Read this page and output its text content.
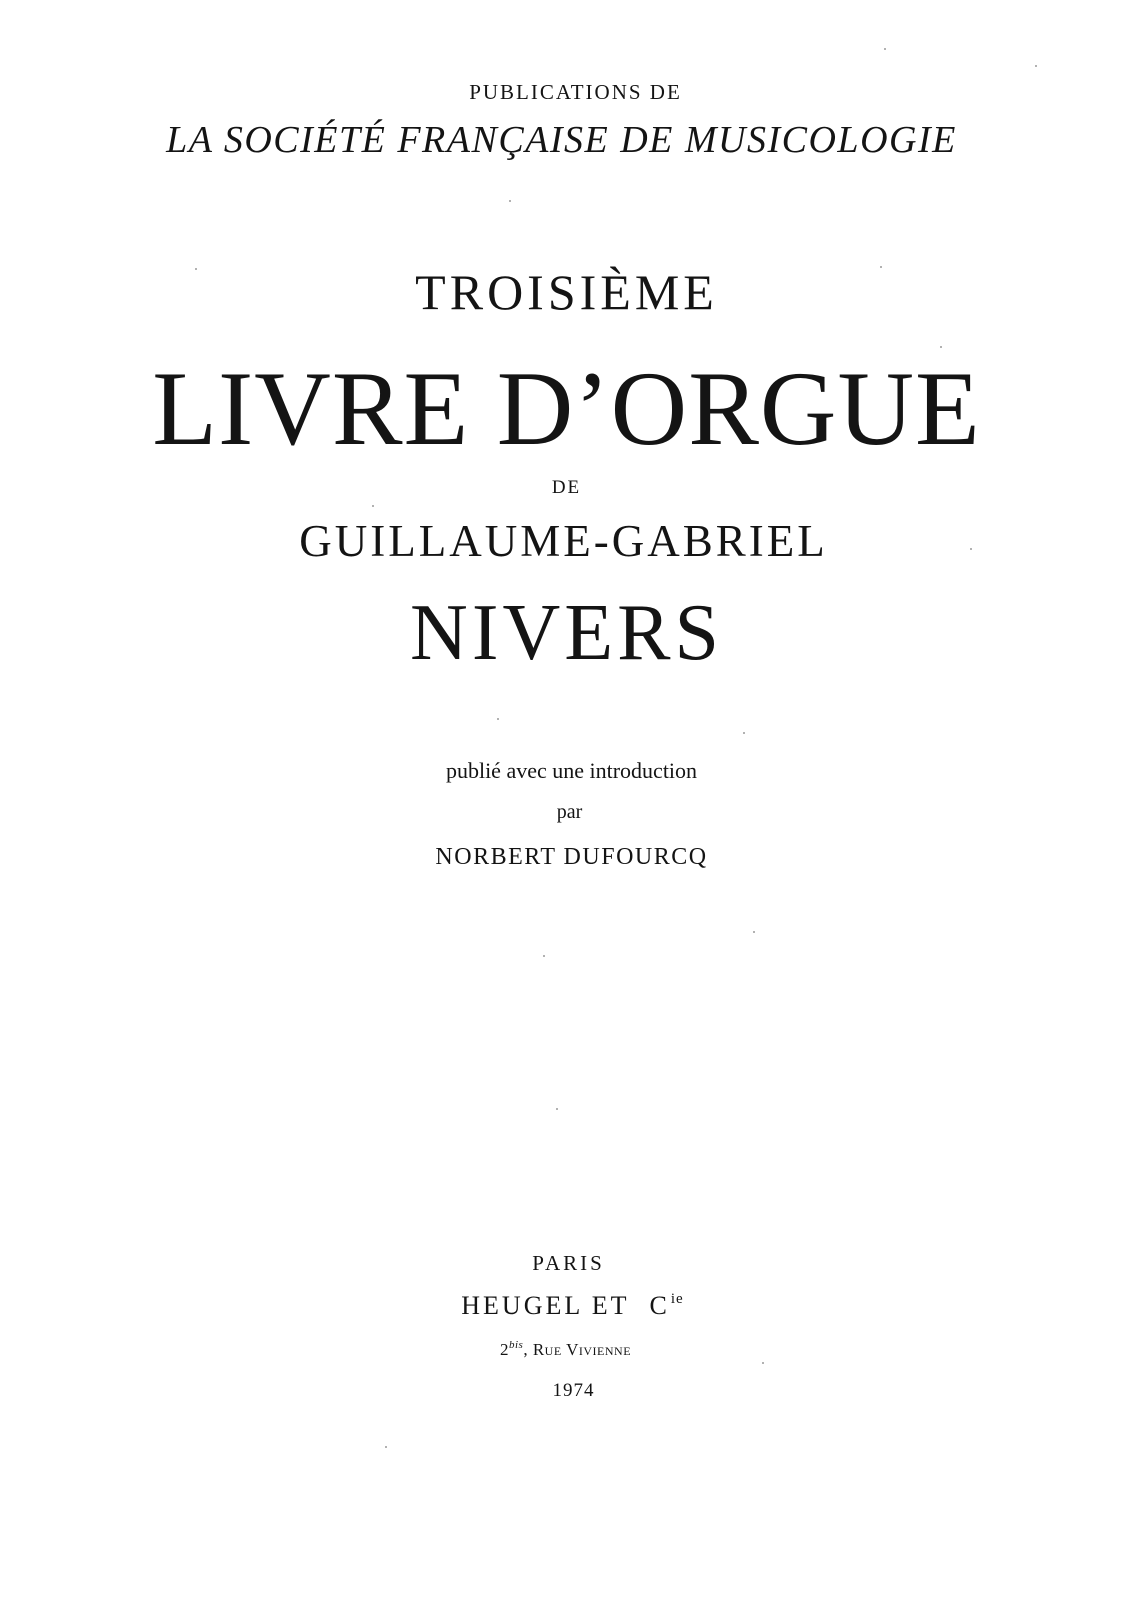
PUBLICATIONS DE
LA SOCIÉTÉ FRANÇAISE DE MUSICOLOGIE
TROISIÈME
LIVRE D’ORGUE
DE
GUILLAUME-GABRIEL
NIVERS
publié avec une introduction
par
NORBERT DUFOURCQ
PARIS
HEUGEL ET $C^{ie}$
$2^{bis}$, Rue Vivienne
1974
